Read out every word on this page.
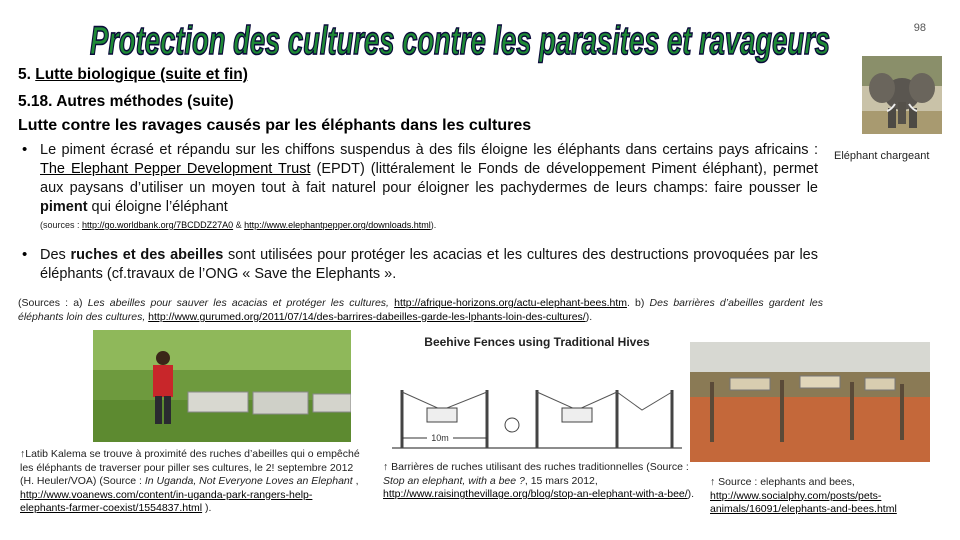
Protection des cultures contre les parasites et ravageurs	98
5. Lutte biologique (suite et fin)
5.18. Autres méthodes (suite)
Lutte contre les ravages causés par les éléphants dans les cultures
• Le piment écrasé et répandu sur les chiffons suspendus à des fils éloigne les éléphants dans certains pays africains : The Elephant Pepper Development Trust (EPDT) (littéralement le Fonds de développement Piment éléphant), permet aux paysans d’utiliser un moyen tout à fait naturel pour éloigner les pachydermes de leurs champs: faire pousser le piment qui éloigne l’éléphant
(sources : http://go.worldbank.org/7BCDDZ27A0 & http://www.elephantpepper.org/downloads.html).
• Des ruches et des abeilles sont utilisées pour protéger les acacias et les cultures des destructions provoquées par les éléphants (cf.travaux de l’ONG « Save the Elephants ».
(Sources : a) Les abeilles pour sauver les acacias et protéger les cultures, http://afrique-horizons.org/actu-elephant-bees.htm. b) Des barrières d’abeilles gardent les éléphants loin des cultures, http://www.gurumed.org/2011/07/14/des-barrires-dabeilles-garde-les-lphants-loin-des-cultures/).
Eléphant chargeant
Beehive Fences using Traditional Hives
10m
↑Latib Kalema se trouve à proximité des ruches d’abeilles qui o empêché les éléphants de traverser pour piller ses cultures, le 2! septembre 2012 (H. Heuler/VOA) (Source : In Uganda, Not Everyone Loves an Elephant , http://www.voanews.com/content/in-uganda-park-rangers-help-elephants-farmer-coexist/1554837.html ).
↑ Barrières de ruches utilisant des ruches traditionnelles (Source : Stop an elephant, with a bee ?, 15 mars 2012, http://www.raisingthevillage.org/blog/stop-an-elephant-with-a-bee/).
↑ Source : elephants and bees, http://www.socialphy.com/posts/pets-animals/16091/elephants-and-bees.html
